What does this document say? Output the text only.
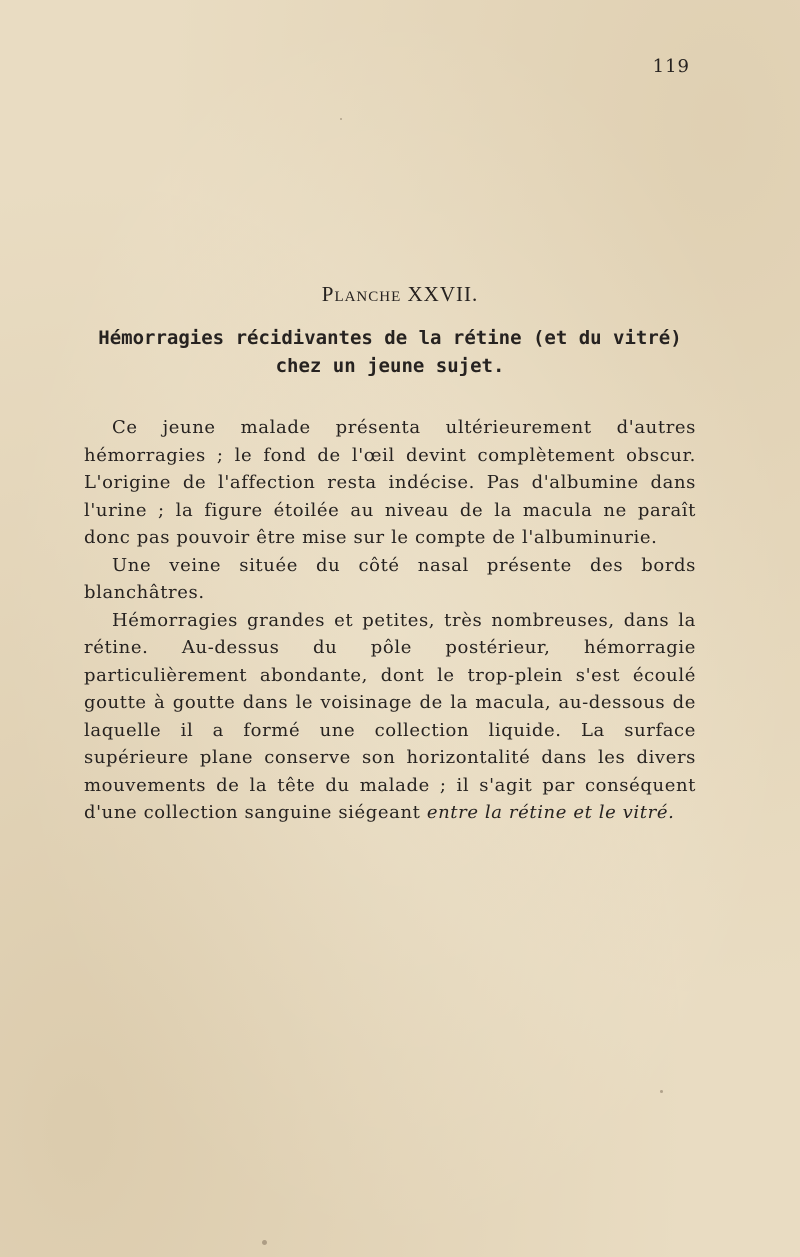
119
Planche XXVII.
Hémorragies récidivantes de la rétine (et du vitré)
chez un jeune sujet.

Ce jeune malade présenta ultérieurement d'autres hémorragies ; le fond de l'œil devint complètement obscur. L'origine de l'affection resta indécise. Pas d'albumine dans l'urine ; la figure étoilée au niveau de la macula ne paraît donc pas pouvoir être mise sur le compte de l'albuminurie.

Une veine située du côté nasal présente des bords blanchâtres.

Hémorragies grandes et petites, très nombreuses, dans la rétine. Au-dessus du pôle postérieur, hémorragie particulièrement abondante, dont le trop-plein s'est écoulé goutte à goutte dans le voisinage de la macula, au-dessous de laquelle il a formé une collection liquide. La surface supérieure plane conserve son horizontalité dans les divers mouvements de la tête du malade ; il s'agit par conséquent d'une collection sanguine siégeant entre la rétine et le vitré.
